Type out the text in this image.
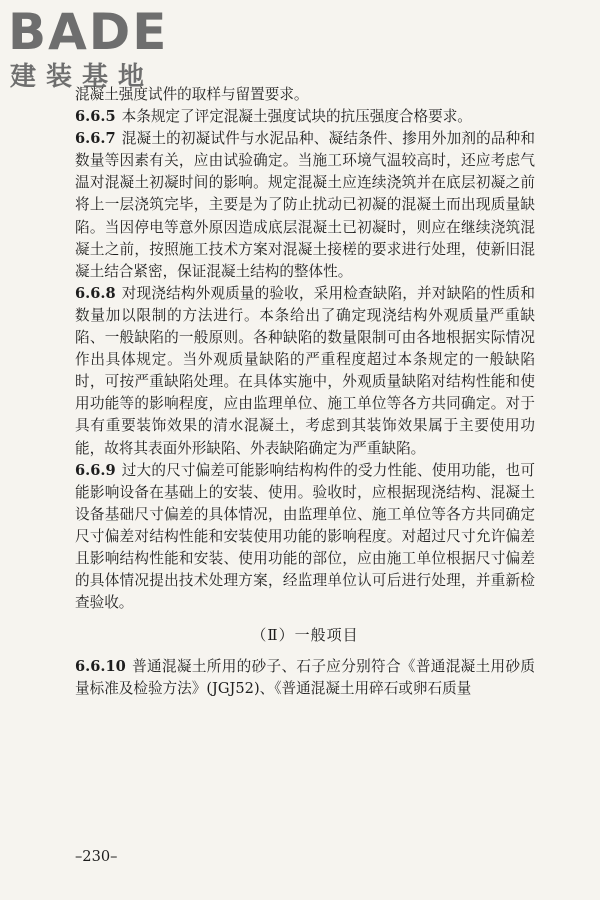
BADE
建装基地

混凝土强度试件的取样与留置要求。

6.6.5 本条规定了评定混凝土强度试块的抗压强度合格要求。

6.6.7 混凝土的初凝试件与水泥品种、凝结条件、掺用外加剂的品种和数量等因素有关，应由试验确定。当施工环境气温较高时，还应考虑气温对混凝土初凝时间的影响。规定混凝土应连续浇筑并在底层初凝之前将上一层浇筑完毕，主要是为了防止扰动已初凝的混凝土而出现质量缺陷。当因停电等意外原因造成底层混凝土已初凝时，则应在继续浇筑混凝土之前，按照施工技术方案对混凝土接槎的要求进行处理，使新旧混凝土结合紧密，保证混凝土结构的整体性。

6.6.8 对现浇结构外观质量的验收，采用检查缺陷，并对缺陷的性质和数量加以限制的方法进行。本条给出了确定现浇结构外观质量严重缺陷、一般缺陷的一般原则。各种缺陷的数量限制可由各地根据实际情况作出具体规定。当外观质量缺陷的严重程度超过本条规定的一般缺陷时，可按严重缺陷处理。在具体实施中，外观质量缺陷对结构性能和使用功能等的影响程度，应由监理单位、施工单位等各方共同确定。对于具有重要装饰效果的清水混凝土，考虑到其装饰效果属于主要使用功能，故将其表面外形缺陷、外表缺陷确定为严重缺陷。

6.6.9 过大的尺寸偏差可能影响结构构件的受力性能、使用功能，也可能影响设备在基础上的安装、使用。验收时，应根据现浇结构、混凝土设备基础尺寸偏差的具体情况，由监理单位、施工单位等各方共同确定尺寸偏差对结构性能和安装使用功能的影响程度。对超过尺寸允许偏差且影响结构性能和安装、使用功能的部位，应由施工单位根据尺寸偏差的具体情况提出技术处理方案，经监理单位认可后进行处理，并重新检查验收。

（Ⅱ）一般项目

6.6.10 普通混凝土所用的砂子、石子应分别符合《普通混凝土用砂质量标准及检验方法》(JGJ52)、《普通混凝土用碎石或卵石质量

–230–
